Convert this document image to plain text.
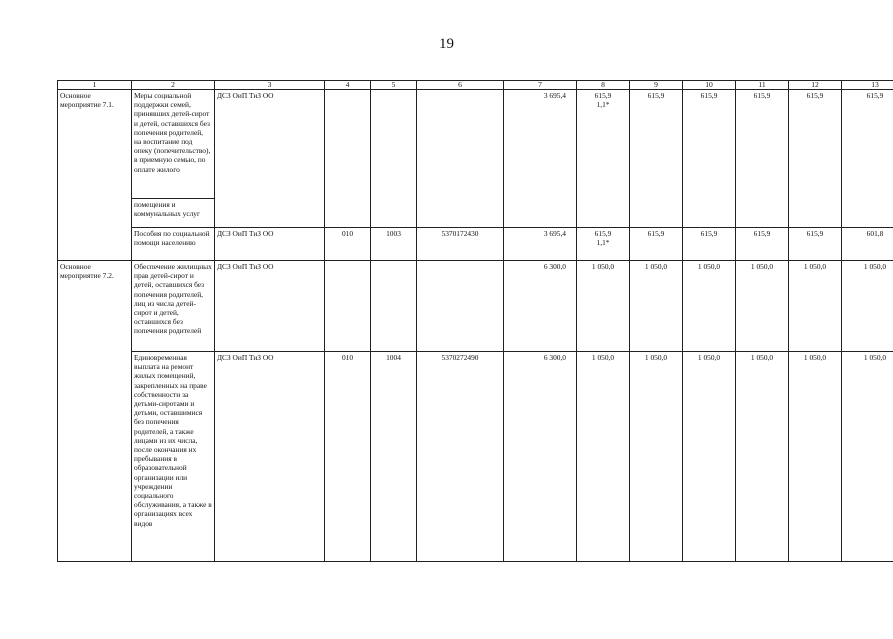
19
1	2	3	4	5	6	7	8	9	10	11	12	13
Основное мероприятие 7.1.	Меры социальной поддержки семей, принявших детей-сирот и детей, оставшихся без попечения родителей, на воспитание под опеку (попечительство), в приемную семью, по оплате жилого	ДСЗ ОиП ТиЗ ОО				3 695,4	615,9
1,1*	615,9	615,9	615,9	615,9	615,9
	помещения и коммунальных услуг											
	Пособия по социальной помощи населению	ДСЗ ОиП ТиЗ ОО	010	1003	5370172430	3 695,4	615,9
1,1*	615,9	615,9	615,9	615,9	601,8
Основное мероприятие 7.2.	Обеспечение жилищных прав детей-сирот и детей, оставшихся без попечения родителей, лиц из числа детей-сирот и детей, оставшихся без попечения родителей	ДСЗ ОиП ТиЗ ОО				6 300,0	1 050,0	1 050,0	1 050,0	1 050,0	1 050,0	1 050,0
	Единовременная выплата на ремонт жилых помещений, закрепленных на праве собственности за детьми-сиротами и детьми, оставшимися без попечения родителей, а также лицами из их числа, после окончания их пребывания в образовательной организации или учреждении социального обслуживания, а также в организациях всех видов	ДСЗ ОиП ТиЗ ОО	010	1004	5370272490	6 300,0	1 050,0	1 050,0	1 050,0	1 050,0	1 050,0	1 050,0
